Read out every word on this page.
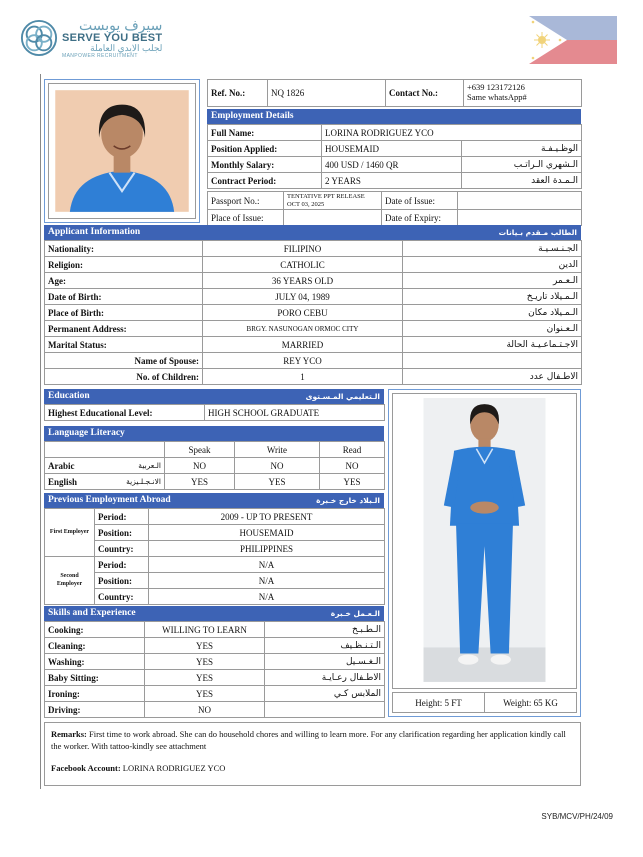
سيرف يوبست
SERVE YOU BEST
لجلب الايدي العاملة
MANPOWER RECRUITMENT
Ref. No.:	NQ 1826	Contact No.:	
+639 123172126
Same whatsApp#
Employment Details
Full Name:	LORINA RODRIGUEZ YCO	
Position Applied:	HOUSEMAID	الوظـيـفـة
Monthly Salary:	400 USD / 1460 QR	الـشهري الـراتـب
Contract Period:	2 YEARS	الـمـدة العقد
Passport No.:	TENTATIVE PPT RELEASE OCT 03, 2025	Date of Issue:	
Place of Issue:		Date of Expiry:	
Applicant Information	الطالب مـقدم بـيانات
Nationality:	FILIPINO	الجـنـسـيـة
Religion:	CATHOLIC	الدين
Age:	36 YEARS OLD	الـعـمر
Date of Birth:	JULY 04, 1989	الـمـيلاد تاريـخ
Place of Birth:	PORO CEBU	الـمـيلاد مكان
Permanent Address:	BRGY. NASUNOGAN ORMOC CITY	الـعـنوان
Marital Status:	MARRIED	الاجـتـماعـيـة الحالة
Name of Spouse:	REY YCO	
No. of Children:	1	الاطـفال عدد
Education	الـتعليمي المـسـتوى
Highest Educational Level:	HIGH SCHOOL GRADUATE
Language Literacy
	Speak	Write	Read
Arabic الـعربية	NO	NO	NO
English الانـجـلـيزية	YES	YES	YES
Previous Employment Abroad	الـبلاد خارج خـبرة
First Employer	Period:	2009 - UP TO PRESENT
	Position:	HOUSEMAID
	Country:	PHILIPPINES
Second Employer	Period:	N/A
	Position:	N/A
	Country:	N/A
Skills and Experience	الـعـمل خـبرة
Cooking:	WILLING TO LEARN	الـطـبـخ
Cleaning:	YES	الـتـنـظـيف
Washing:	YES	الـغـسـيل
Baby Sitting:	YES	الاطـفال رعـايـة
Ironing:	YES	الملابس كـي
Driving:	NO	
Height: 5 FT	Weight: 65 KG
Remarks: First time to work abroad. She can do household chores and willing to learn more. For any clarification regarding her application kindly call the worker. With tattoo-kindly see attachment
Facebook Account: LORINA RODRIGUEZ YCO
SYB/MCV/PH/24/09
